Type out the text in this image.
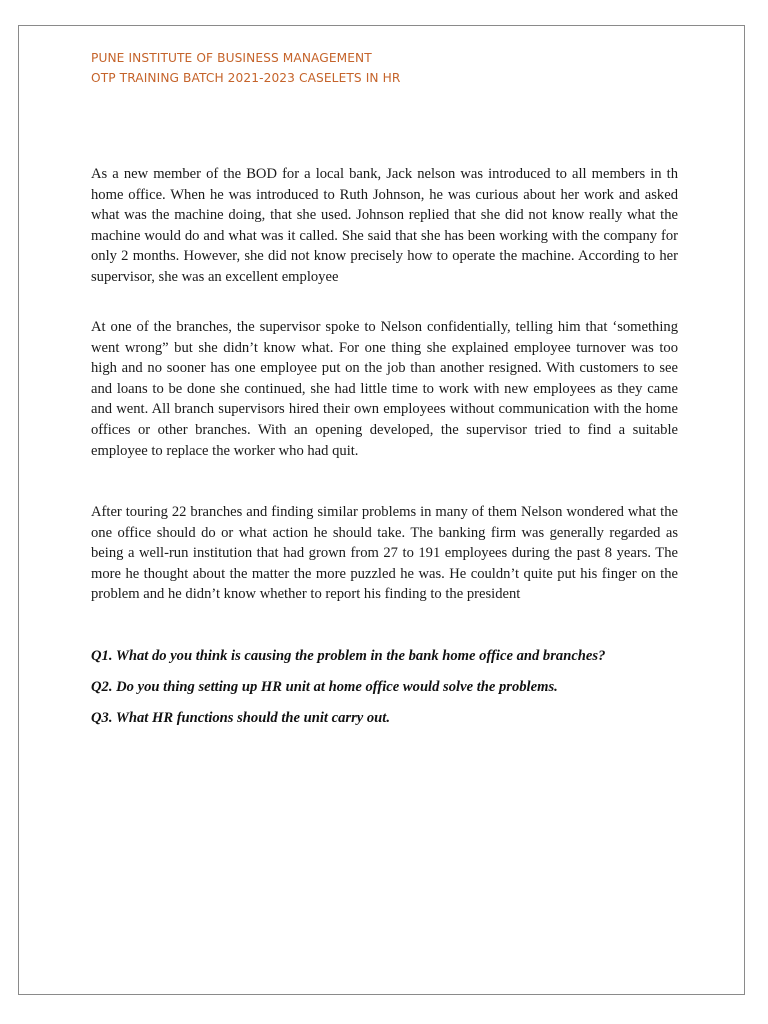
PUNE INSTITUTE OF BUSINESS MANAGEMENT
OTP TRAINING BATCH 2021-2023 CASELETS IN HR

As a new member of the BOD for a local bank, Jack nelson was introduced to all members in th home office. When he was introduced to Ruth Johnson, he was curious about her work and asked what was the machine doing, that she used. Johnson replied that she did not know really what the machine would do and what was it called. She said that she has been working with the company for only 2 months. However, she did not know precisely how to operate the machine. According to her supervisor, she was an excellent employee

At one of the branches, the supervisor spoke to Nelson confidentially, telling him that ‘something went wrong” but she didn’t know what. For one thing she explained employee turnover was too high and no sooner has one employee put on the job than another resigned. With customers to see and loans to be done she continued, she had little time to work with new employees as they came and went. All branch supervisors hired their own employees without communication with the home offices or other branches. With an opening developed, the supervisor tried to find a suitable employee to replace the worker who had quit.

After touring 22 branches and finding similar problems in many of them Nelson wondered what the one office should do or what action he should take. The banking firm was generally regarded as being a well-run institution that had grown from 27 to 191 employees during the past 8 years. The more he thought about the matter the more puzzled he was. He couldn’t quite put his finger on the problem and he didn’t know whether to report his finding to the president

Q1. What do you think is causing the problem in the bank home office and branches?

Q2. Do you thing setting up HR unit at home office would solve the problems.

Q3. What HR functions should the unit carry out.
